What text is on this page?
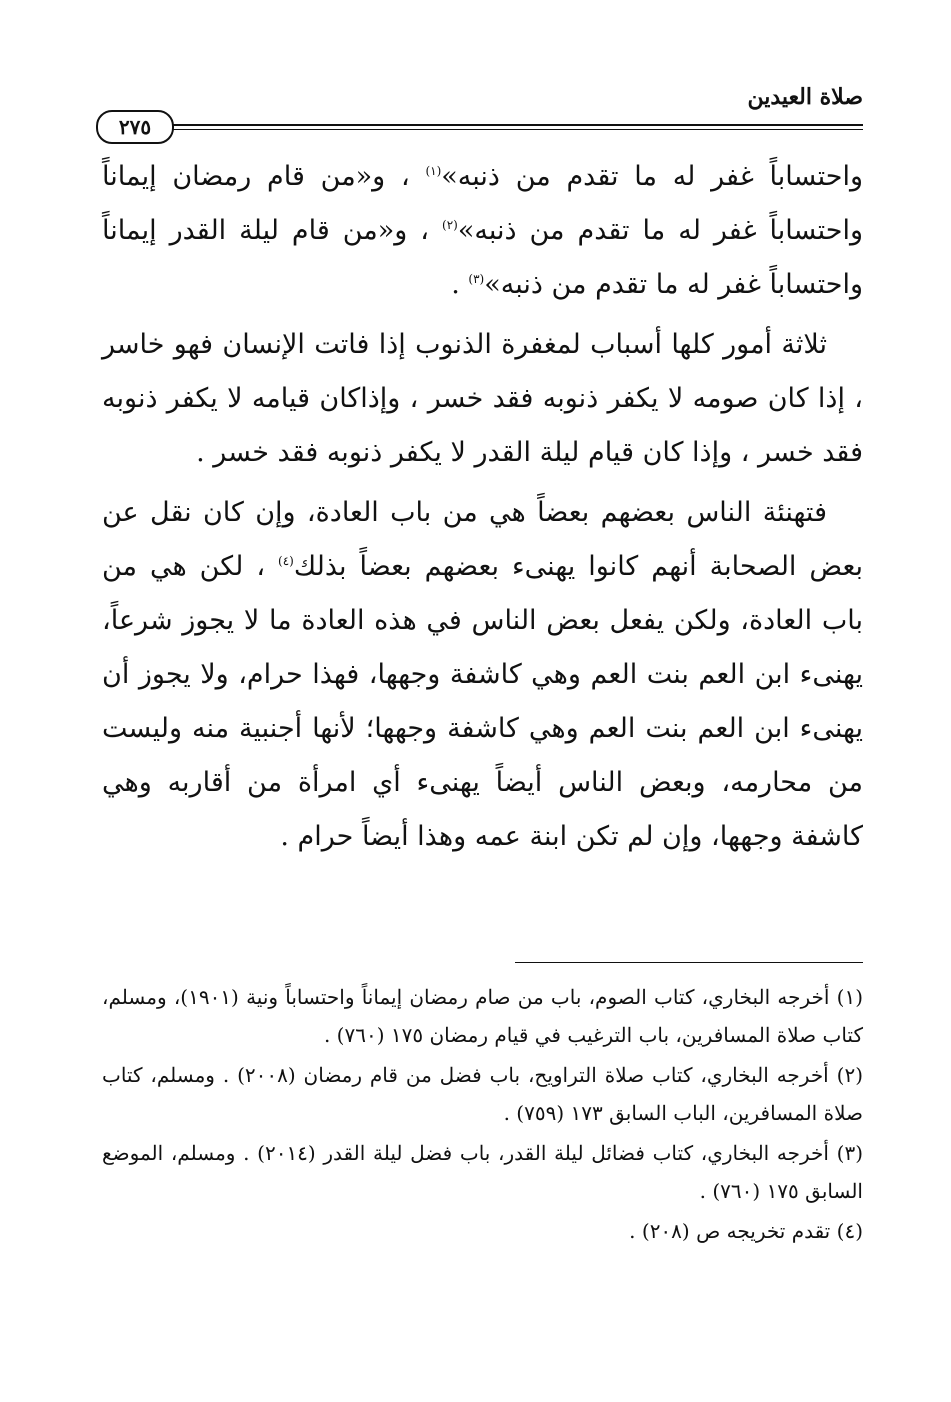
صلاة العيدين
٢٧٥

واحتساباً غفر له ما تقدم من ذنبه»$^{(١)}$ ، و«من قام رمضان إيماناً واحتساباً غفر له ما تقدم من ذنبه»$^{(٢)}$ ، و«من قام ليلة القدر إيماناً واحتساباً غفر له ما تقدم من ذنبه»$^{(٣)}$ .

ثلاثة أمور كلها أسباب لمغفرة الذنوب إذا فاتت الإنسان فهو خاسر ، إذا كان صومه لا يكفر ذنوبه فقد خسر ، وإذاكان قيامه لا يكفر ذنوبه فقد خسر ، وإذا كان قيام ليلة القدر لا يكفر ذنوبه فقد خسر .

فتهنئة الناس بعضهم بعضاً هي من باب العادة، وإن كان نقل عن بعض الصحابة أنهم كانوا يهنىء بعضهم بعضاً بذلك$^{(٤)}$ ، لكن هي من باب العادة، ولكن يفعل بعض الناس في هذه العادة ما لا يجوز شرعاً، يهنىء ابن العم بنت العم وهي كاشفة وجهها، فهذا حرام، ولا يجوز أن يهنىء ابن العم بنت العم وهي كاشفة وجهها؛ لأنها أجنبية منه وليست من محارمه، وبعض الناس أيضاً يهنىء أي امرأة من أقاربه وهي كاشفة وجهها، وإن لم تكن ابنة عمه وهذا أيضاً حرام .

(١) أخرجه البخاري، كتاب الصوم، باب من صام رمضان إيماناً واحتساباً ونية (١٩٠١)، ومسلم، كتاب صلاة المسافرين، باب الترغيب في قيام رمضان ١٧٥ (٧٦٠) .

(٢) أخرجه البخاري، كتاب صلاة التراويح، باب فضل من قام رمضان (٢٠٠٨) . ومسلم، كتاب صلاة المسافرين، الباب السابق ١٧٣ (٧٥٩) .

(٣) أخرجه البخاري، كتاب فضائل ليلة القدر، باب فضل ليلة القدر (٢٠١٤) . ومسلم، الموضع السابق ١٧٥ (٧٦٠) .

(٤) تقدم تخريجه ص (٢٠٨) .
